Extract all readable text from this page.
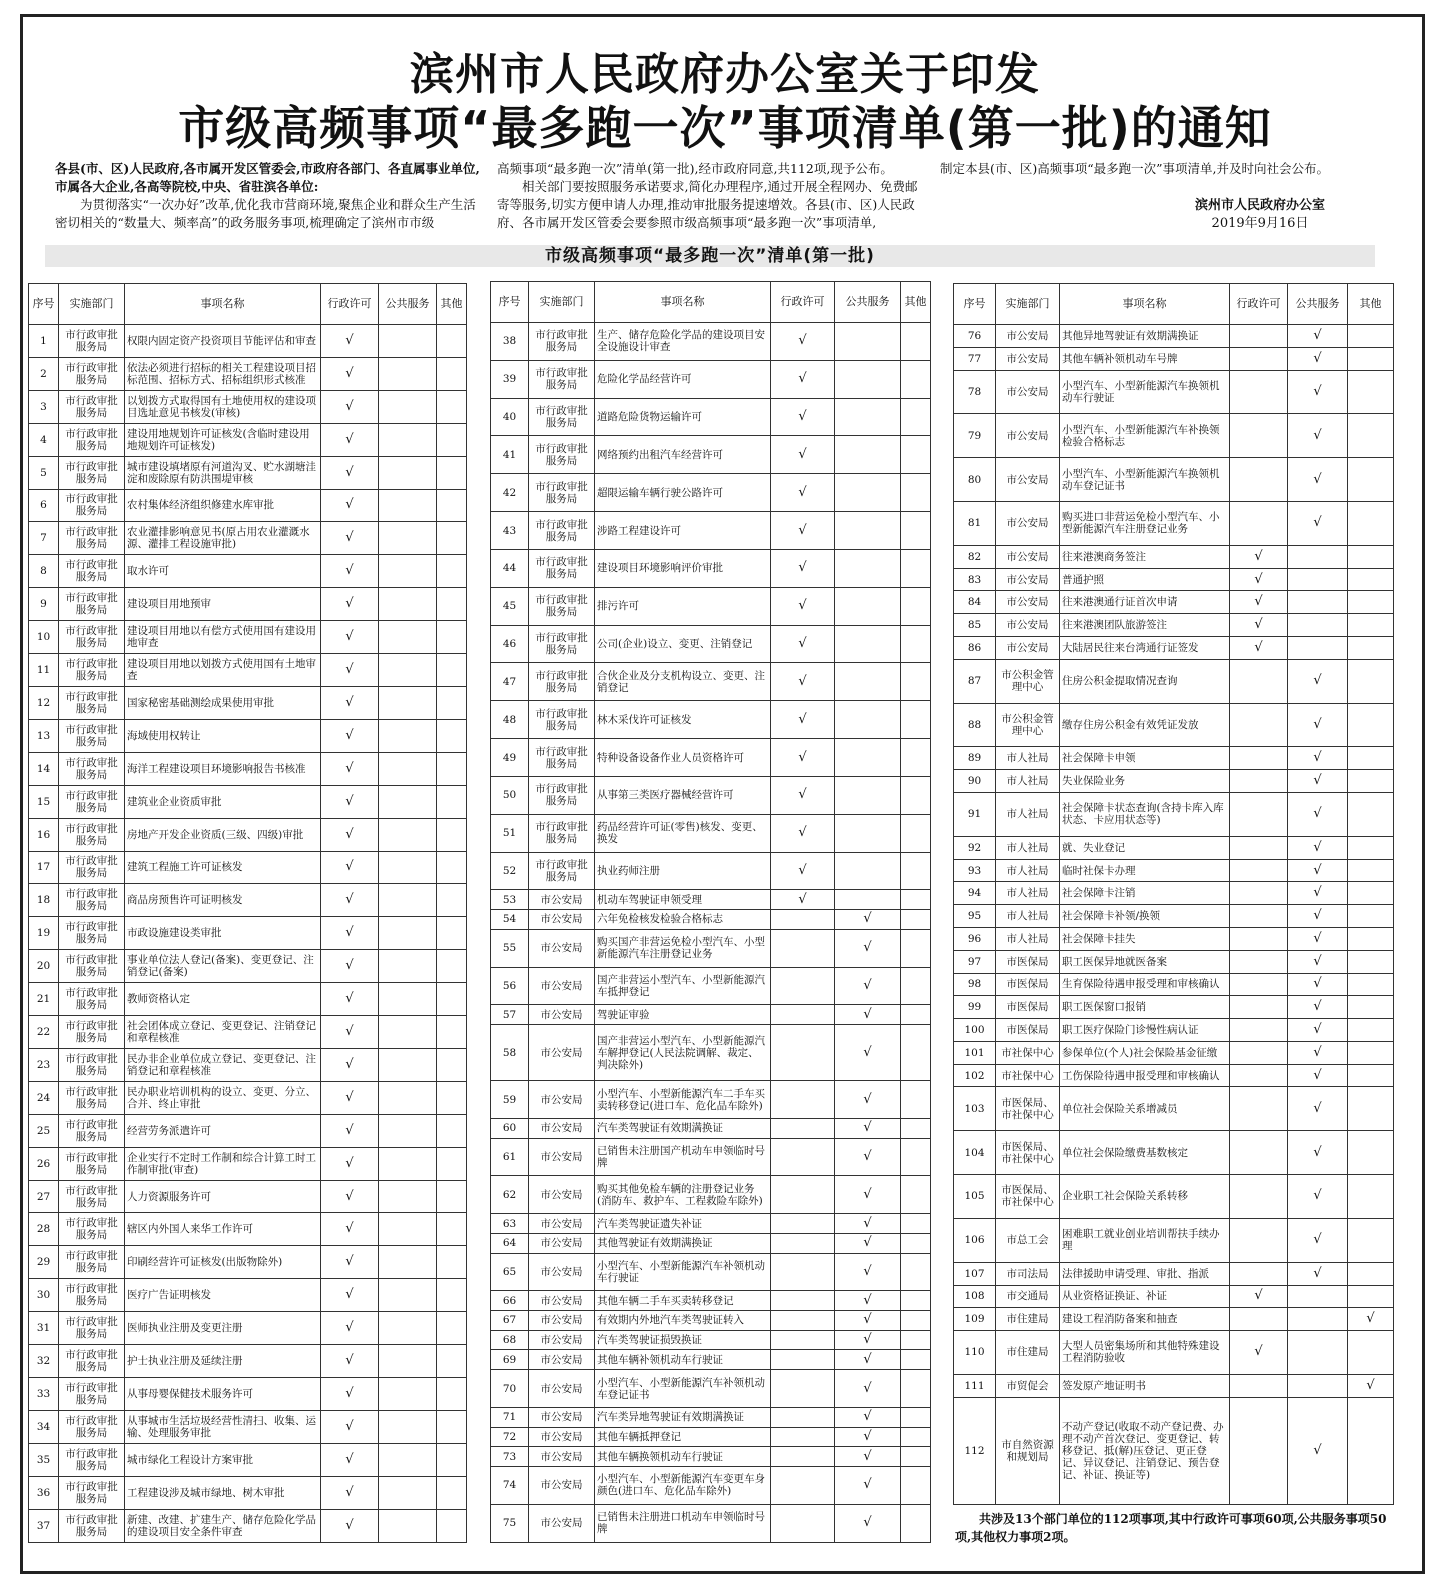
滨州市人民政府办公室关于印发
市级高频事项“最多跑一次”事项清单(第一批)的通知

各县(市、区)人民政府,各市属开发区管委会,市政府各部门、各直属事业单位,市属各大企业,各高等院校,中央、省驻滨各单位:

为贯彻落实“一次办好”改革,优化我市营商环境,聚焦企业和群众生产生活密切相关的“数量大、频率高”的政务服务事项,梳理确定了滨州市市级

高频事项“最多跑一次”清单(第一批),经市政府同意,共112项,现予公布。

相关部门要按照服务承诺要求,简化办理程序,通过开展全程网办、免费邮寄等服务,切实方便申请人办理,推动审批服务提速增效。各县(市、区)人民政府、各市属开发区管委会要参照市级高频事项“最多跑一次”事项清单,

制定本县(市、区)高频事项“最多跑一次”事项清单,并及时向社会公布。

滨州市人民政府办公室
2019年9月16日
市级高频事项“最多跑一次”清单(第一批)
序号	实施部门	事项名称	行政许可	公共服务	其他
1	市行政审批服务局	权限内固定资产投资项目节能评估和审查	√		
2	市行政审批服务局	依法必须进行招标的相关工程建设项目招标范围、招标方式、招标组织形式核准	√		
3	市行政审批服务局	以划拨方式取得国有土地使用权的建设项目选址意见书核发(审核)	√		
4	市行政审批服务局	建设用地规划许可证核发(含临时建设用地规划许可证核发)	√		
5	市行政审批服务局	城市建设填堵原有河道沟叉、贮水湖塘洼淀和废除原有防洪围堤审核	√		
6	市行政审批服务局	农村集体经济组织修建水库审批	√		
7	市行政审批服务局	农业灌排影响意见书(原占用农业灌溉水源、灌排工程设施审批)	√		
8	市行政审批服务局	取水许可	√		
9	市行政审批服务局	建设项目用地预审	√		
10	市行政审批服务局	建设项目用地以有偿方式使用国有建设用地审查	√		
11	市行政审批服务局	建设项目用地以划拨方式使用国有土地审查	√		
12	市行政审批服务局	国家秘密基础测绘成果使用审批	√		
13	市行政审批服务局	海域使用权转让	√		
14	市行政审批服务局	海洋工程建设项目环境影响报告书核准	√		
15	市行政审批服务局	建筑业企业资质审批	√		
16	市行政审批服务局	房地产开发企业资质(三级、四级)审批	√		
17	市行政审批服务局	建筑工程施工许可证核发	√		
18	市行政审批服务局	商品房预售许可证明核发	√		
19	市行政审批服务局	市政设施建设类审批	√		
20	市行政审批服务局	事业单位法人登记(备案)、变更登记、注销登记(备案)	√		
21	市行政审批服务局	教师资格认定	√		
22	市行政审批服务局	社会团体成立登记、变更登记、注销登记和章程核准	√		
23	市行政审批服务局	民办非企业单位成立登记、变更登记、注销登记和章程核准	√		
24	市行政审批服务局	民办职业培训机构的设立、变更、分立、合并、终止审批	√		
25	市行政审批服务局	经营劳务派遣许可	√		
26	市行政审批服务局	企业实行不定时工作制和综合计算工时工作制审批(审查)	√		
27	市行政审批服务局	人力资源服务许可	√		
28	市行政审批服务局	辖区内外国人来华工作许可	√		
29	市行政审批服务局	印刷经营许可证核发(出版物除外)	√		
30	市行政审批服务局	医疗广告证明核发	√		
31	市行政审批服务局	医师执业注册及变更注册	√		
32	市行政审批服务局	护士执业注册及延续注册	√		
33	市行政审批服务局	从事母婴保健技术服务许可	√		
34	市行政审批服务局	从事城市生活垃圾经营性清扫、收集、运输、处理服务审批	√		
35	市行政审批服务局	城市绿化工程设计方案审批	√		
36	市行政审批服务局	工程建设涉及城市绿地、树木审批	√		
37	市行政审批服务局	新建、改建、扩建生产、储存危险化学品的建设项目安全条件审查	√		
序号	实施部门	事项名称	行政许可	公共服务	其他
38	市行政审批服务局	生产、储存危险化学品的建设项目安全设施设计审查	√		
39	市行政审批服务局	危险化学品经营许可	√		
40	市行政审批服务局	道路危险货物运输许可	√		
41	市行政审批服务局	网络预约出租汽车经营许可	√		
42	市行政审批服务局	超限运输车辆行驶公路许可	√		
43	市行政审批服务局	涉路工程建设许可	√		
44	市行政审批服务局	建设项目环境影响评价审批	√		
45	市行政审批服务局	排污许可	√		
46	市行政审批服务局	公司(企业)设立、变更、注销登记	√		
47	市行政审批服务局	合伙企业及分支机构设立、变更、注销登记	√		
48	市行政审批服务局	林木采伐许可证核发	√		
49	市行政审批服务局	特种设备设备作业人员资格许可	√		
50	市行政审批服务局	从事第三类医疗器械经营许可	√		
51	市行政审批服务局	药品经营许可证(零售)核发、变更、换发	√		
52	市行政审批服务局	执业药师注册	√		
53	市公安局	机动车驾驶证申领受理	√		
54	市公安局	六年免检核发检验合格标志		√	
55	市公安局	购买国产非营运免检小型汽车、小型新能源汽车注册登记业务		√	
56	市公安局	国产非营运小型汽车、小型新能源汽车抵押登记		√	
57	市公安局	驾驶证审验		√	
58	市公安局	国产非营运小型汽车、小型新能源汽车解押登记(人民法院调解、裁定、判决除外)		√	
59	市公安局	小型汽车、小型新能源汽车二手车买卖转移登记(进口车、危化品车除外)		√	
60	市公安局	汽车类驾驶证有效期满换证		√	
61	市公安局	已销售未注册国产机动车申领临时号牌		√	
62	市公安局	购买其他免检车辆的注册登记业务(消防车、救护车、工程救险车除外)		√	
63	市公安局	汽车类驾驶证遗失补证		√	
64	市公安局	其他驾驶证有效期满换证		√	
65	市公安局	小型汽车、小型新能源汽车补领机动车行驶证		√	
66	市公安局	其他车辆二手车买卖转移登记		√	
67	市公安局	有效期内外地汽车类驾驶证转入		√	
68	市公安局	汽车类驾驶证损毁换证		√	
69	市公安局	其他车辆补领机动车行驶证		√	
70	市公安局	小型汽车、小型新能源汽车补领机动车登记证书		√	
71	市公安局	汽车类异地驾驶证有效期满换证		√	
72	市公安局	其他车辆抵押登记		√	
73	市公安局	其他车辆换领机动车行驶证		√	
74	市公安局	小型汽车、小型新能源汽车变更车身颜色(进口车、危化品车除外)		√	
75	市公安局	已销售未注册进口机动车申领临时号牌		√	
序号	实施部门	事项名称	行政许可	公共服务	其他
76	市公安局	其他异地驾驶证有效期满换证		√	
77	市公安局	其他车辆补领机动车号牌		√	
78	市公安局	小型汽车、小型新能源汽车换领机动车行驶证		√	
79	市公安局	小型汽车、小型新能源汽车补换领检验合格标志		√	
80	市公安局	小型汽车、小型新能源汽车换领机动车登记证书		√	
81	市公安局	购买进口非营运免检小型汽车、小型新能源汽车注册登记业务		√	
82	市公安局	往来港澳商务签注	√		
83	市公安局	普通护照	√		
84	市公安局	往来港澳通行证首次申请	√		
85	市公安局	往来港澳团队旅游签注	√		
86	市公安局	大陆居民往来台湾通行证签发	√		
87	市公积金管理中心	住房公积金提取情况查询		√	
88	市公积金管理中心	缴存住房公积金有效凭证发放		√	
89	市人社局	社会保障卡申领		√	
90	市人社局	失业保险业务		√	
91	市人社局	社会保障卡状态查询(含持卡库入库状态、卡应用状态等)		√	
92	市人社局	就、失业登记		√	
93	市人社局	临时社保卡办理		√	
94	市人社局	社会保障卡注销		√	
95	市人社局	社会保障卡补领/换领		√	
96	市人社局	社会保障卡挂失		√	
97	市医保局	职工医保异地就医备案		√	
98	市医保局	生育保险待遇申报受理和审核确认		√	
99	市医保局	职工医保窗口报销		√	
100	市医保局	职工医疗保险门诊慢性病认证		√	
101	市社保中心	参保单位(个人)社会保险基金征缴		√	
102	市社保中心	工伤保险待遇申报受理和审核确认		√	
103	市医保局、市社保中心	单位社会保险关系增减员		√	
104	市医保局、市社保中心	单位社会保险缴费基数核定		√	
105	市医保局、市社保中心	企业职工社会保险关系转移		√	
106	市总工会	困难职工就业创业培训帮扶手续办理		√	
107	市司法局	法律援助申请受理、审批、指派		√	
108	市交通局	从业资格证换证、补证	√		
109	市住建局	建设工程消防备案和抽查			√
110	市住建局	大型人员密集场所和其他特殊建设工程消防验收	√		
111	市贸促会	签发原产地证明书			√
112	市自然资源和规划局	不动产登记(收取不动产登记费、办理不动产首次登记、变更登记、转移登记、抵(解)压登记、更正登记、异议登记、注销登记、预告登记、补证、换证等)		√	
共涉及13个部门单位的112项事项,其中行政许可事项60项,公共服务事项50项,其他权力事项2项。
